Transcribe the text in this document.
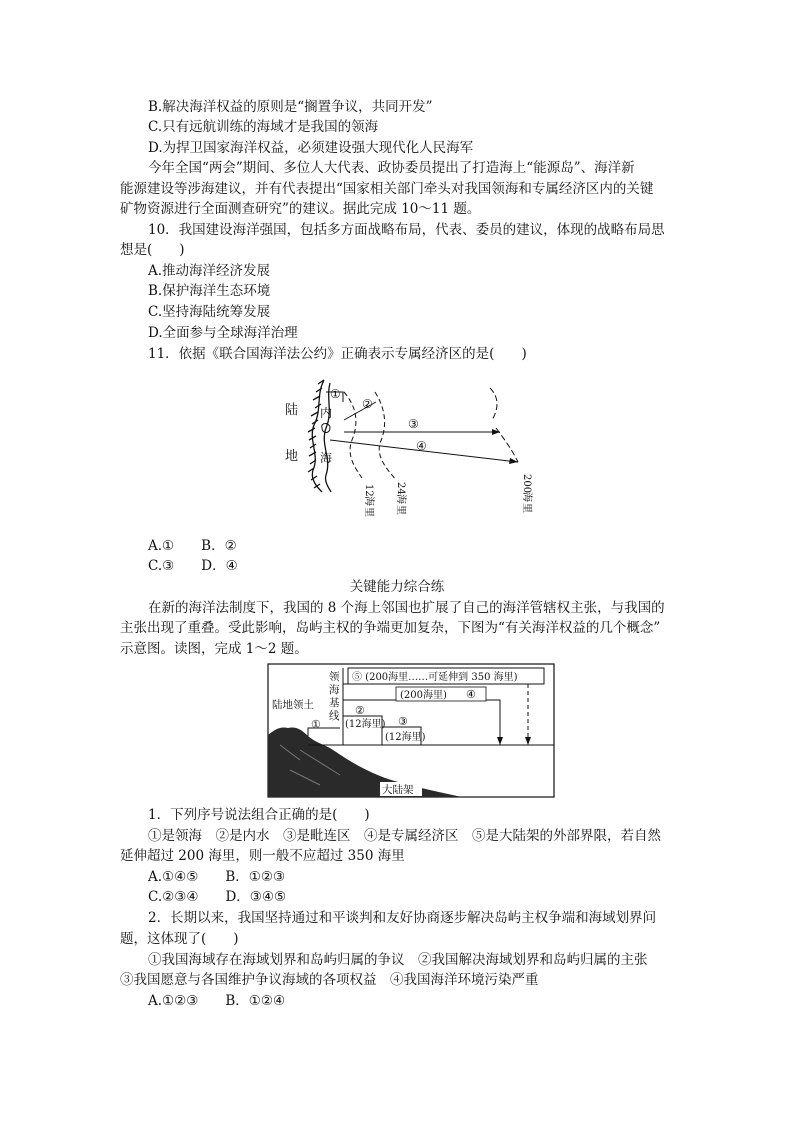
B.解决海洋权益的原则是“搁置争议，共同开发”
C.只有远航训练的海域才是我国的领海
D.为捍卫国家海洋权益，必须建设强大现代化人民海军
今年全国“两会”期间、多位人大代表、政协委员提出了打造海上“能源岛”、海洋新
能源建设等涉海建议，并有代表提出“国家相关部门牵头对我国领海和专属经济区内的关键
矿物资源进行全面测查研究”的建议。据此完成 10～11 题。
10．我国建设海洋强国，包括多方面战略布局，代表、委员的建议，体现的战略布局思
想是(　　)
A.推动海洋经济发展
B.保护海洋生态环境
C.坚持海陆统筹发展
D.全面参与全球海洋治理
11．依据《联合国海洋法公约》正确表示专属经济区的是(　　)
陆
地
内
海
①
②
③
④
12
海
里
24
海
里
200
海
里
A.①　　B．②
C.③　　D．④
关键能力综合练
在新的海洋法制度下，我国的 8 个海上邻国也扩展了自己的海洋管辖权主张，与我国的
主张出现了重叠。受此影响，岛屿主权的争端更加复杂，下图为“有关海洋权益的几个概念”
示意图。读图，完成 1～2 题。
陆地领土
领
海
基
线
⑤ (200海里……可延伸到 350 海里)
(200海里) ④
②
(12海里) ③
(12海里)
①
大陆架
1．下列序号说法组合正确的是(　　)
①是领海　②是内水　③是毗连区　④是专属经济区　⑤是大陆架的外部界限，若自然
延伸超过 200 海里，则一般不应超过 350 海里
A.①④⑤　　B．①②③
C.②③④　　D．③④⑤
2．长期以来，我国坚持通过和平谈判和友好协商逐步解决岛屿主权争端和海域划界问
题，这体现了(　　)
①我国海域存在海域划界和岛屿归属的争议　②我国解决海域划界和岛屿归属的主张
③我国愿意与各国维护争议海域的各项权益　④我国海洋环境污染严重
A.①②③　　B．①②④
